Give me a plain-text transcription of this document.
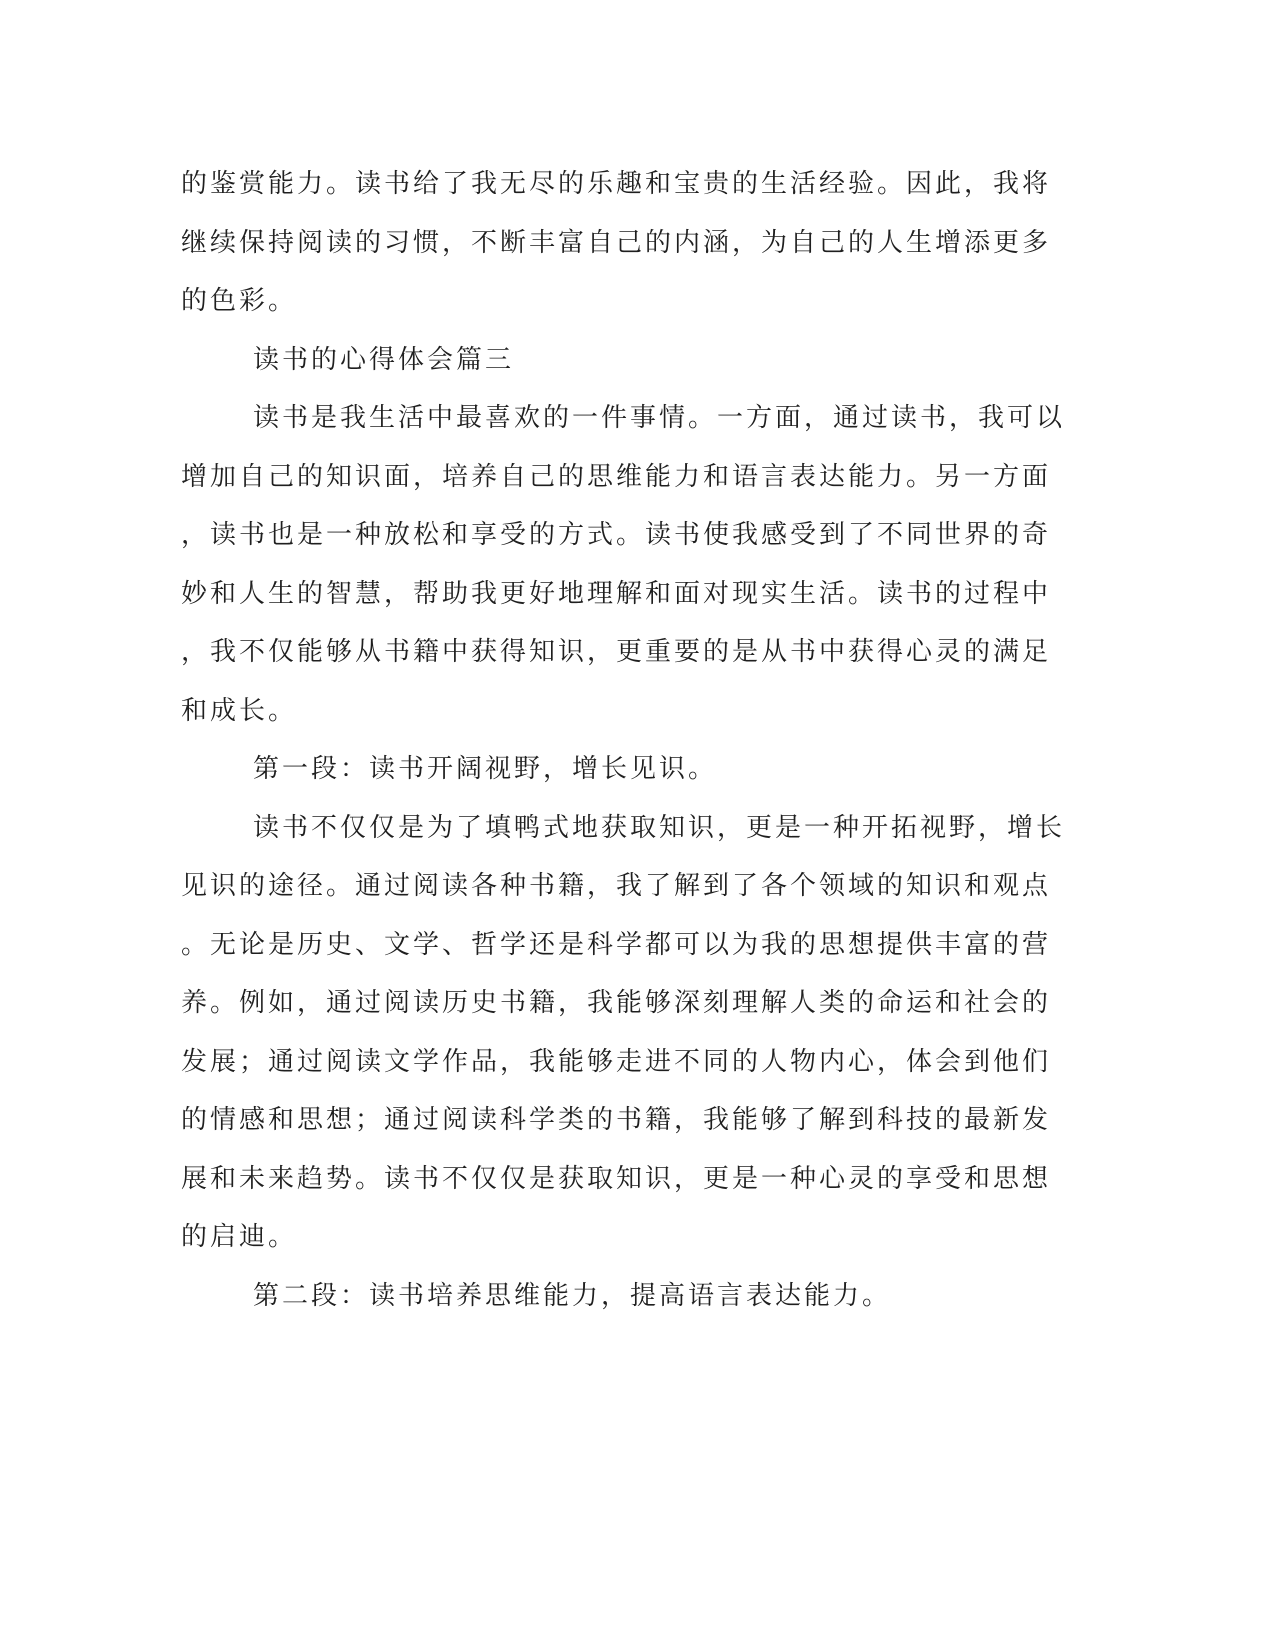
的鉴赏能力。读书给了我无尽的乐趣和宝贵的生活经验。因此，我将
继续保持阅读的习惯，不断丰富自己的内涵，为自己的人生增添更多
的色彩。
读书的心得体会篇三
读书是我生活中最喜欢的一件事情。一方面，通过读书，我可以
增加自己的知识面，培养自己的思维能力和语言表达能力。另一方面
，读书也是一种放松和享受的方式。读书使我感受到了不同世界的奇
妙和人生的智慧，帮助我更好地理解和面对现实生活。读书的过程中
，我不仅能够从书籍中获得知识，更重要的是从书中获得心灵的满足
和成长。
第一段：读书开阔视野，增长见识。
读书不仅仅是为了填鸭式地获取知识，更是一种开拓视野，增长
见识的途径。通过阅读各种书籍，我了解到了各个领域的知识和观点
。无论是历史、文学、哲学还是科学都可以为我的思想提供丰富的营
养。例如，通过阅读历史书籍，我能够深刻理解人类的命运和社会的
发展；通过阅读文学作品，我能够走进不同的人物内心，体会到他们
的情感和思想；通过阅读科学类的书籍，我能够了解到科技的最新发
展和未来趋势。读书不仅仅是获取知识，更是一种心灵的享受和思想
的启迪。
第二段：读书培养思维能力，提高语言表达能力。
